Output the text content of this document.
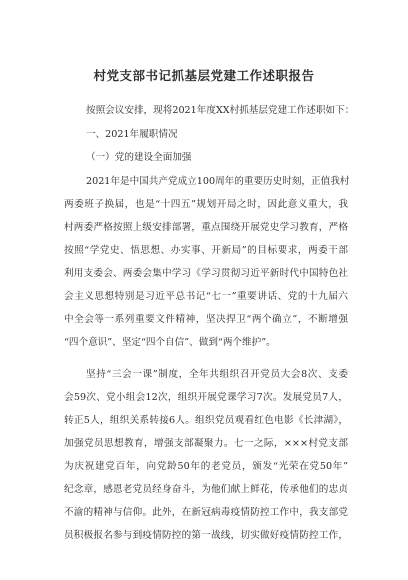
村党支部书记抓基层党建工作述职报告
按照会议安排，现将2021年度XX村抓基层党建工作述职如下：
一、2021年履职情况
（一）党的建设全面加强
2021年是中国共产党成立100周年的重要历史时刻，正值我村
两委班子换届，也是“十四五”规划开局之时，因此意义重大，我
村两委严格按照上级安排部署，重点围绕开展党史学习教育，严格
按照“学党史、悟思想、办实事、开新局”的目标要求，两委干部
利用支委会、两委会集中学习《学习贯彻习近平新时代中国特色社
会主义思想特别是习近平总书记“七一”重要讲话、党的十九届六
中全会等一系列重要文件精神，坚决捍卫“两个确立”，不断增强
“四个意识”、坚定“四个自信”、做到“两个维护”。
坚持“三会一课”制度，全年共组织召开党员大会8次、支委
会59次、党小组会12次，组织开展党课学习7次。发展党员7人，
转正5人，组织关系转接6人。组织党员观看红色电影《长津湖》，
加强党员思想教育，增强支部凝聚力。七一之际，×××村党支部
为庆祝建党百年，向党龄50年的老党员，颁发“光荣在党50年”
纪念章，感恩老党员经身奋斗，为他们献上鲜花，传承他们的忠贞
不渝的精神与信仰。此外，在新冠病毒疫情防控工作中，我支部党
员积极报名参与到疫情防控的第一战线，切实做好疫情防控工作，
